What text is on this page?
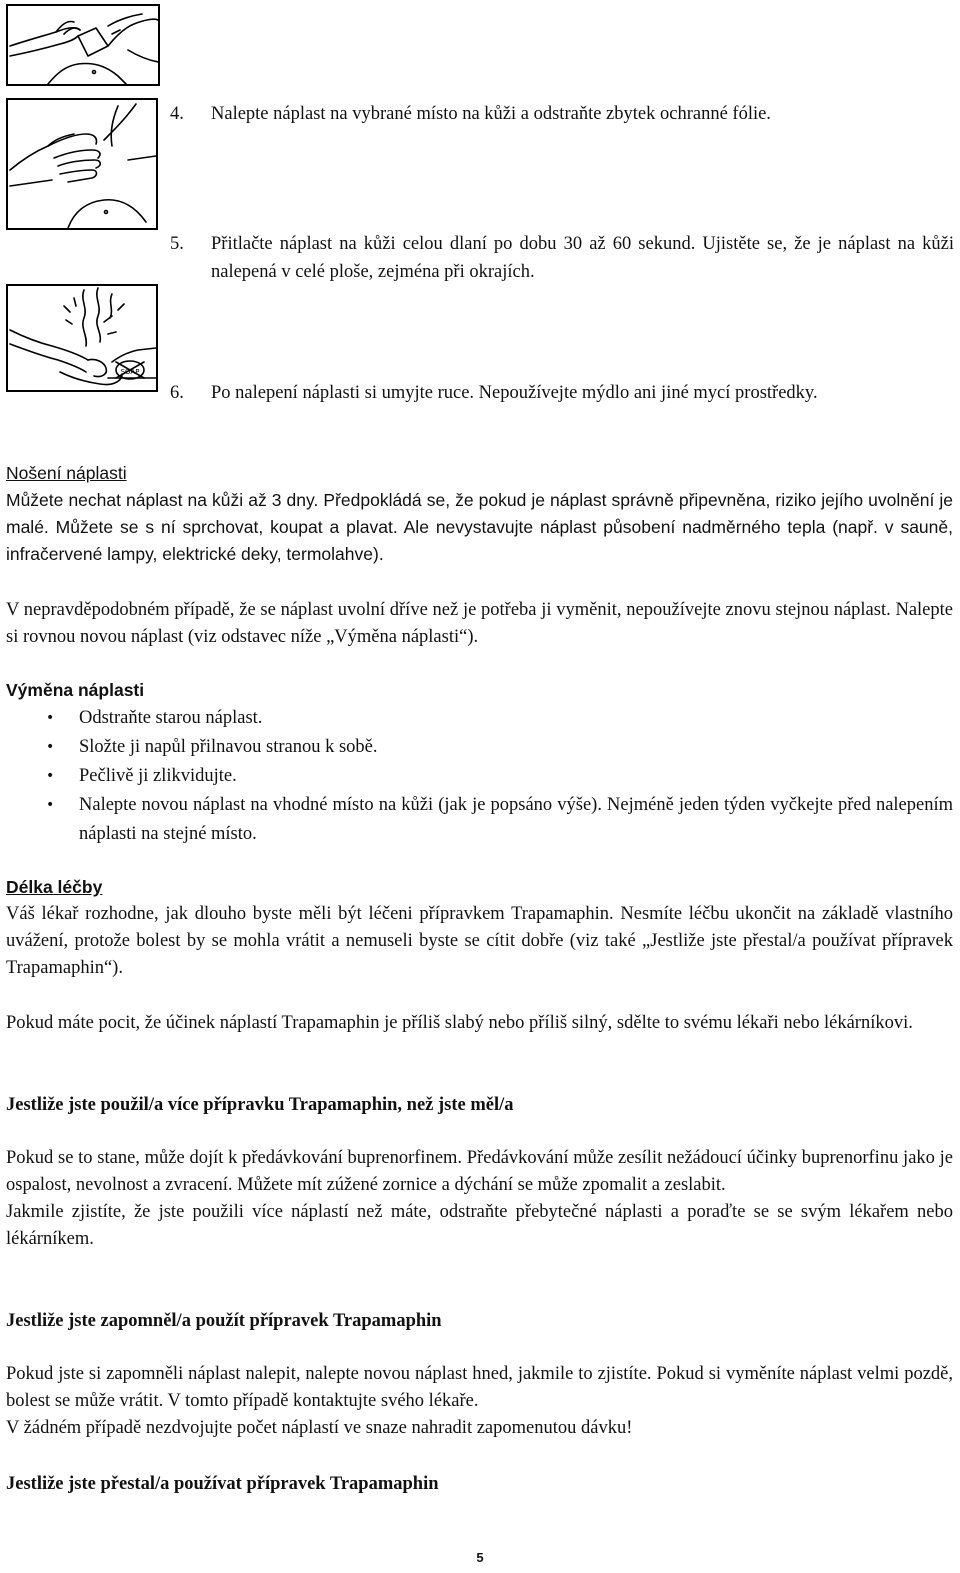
SOAP
4. Nalepte náplast na vybrané místo na kůži a odstraňte zbytek ochranné fólie.
5. Přitlačte náplast na kůži celou dlaní po dobu 30 až 60 sekund. Ujistěte se, že je náplast na kůži nalepená v celé ploše, zejména při okrajích.
6. Po nalepení náplasti si umyjte ruce. Nepoužívejte mýdlo ani jiné mycí prostředky.

Nošení náplasti

Můžete nechat náplast na kůži až 3 dny. Předpokládá se, že pokud je náplast správně připevněna, riziko jejího uvolnění je malé. Můžete se s ní sprchovat, koupat a plavat. Ale nevystavujte náplast působení nadměrného tepla (např. v sauně, infračervené lampy, elektrické deky, termolahve).

V nepravděpodobném případě, že se náplast uvolní dříve než je potřeba ji vyměnit, nepoužívejte znovu stejnou náplast. Nalepte si rovnou novou náplast (viz odstavec níže „Výměna náplasti“).

Výměna náplasti

• Odstraňte starou náplast.
• Složte ji napůl přilnavou stranou k sobě.
• Pečlivě ji zlikvidujte.
• Nalepte novou náplast na vhodné místo na kůži (jak je popsáno výše). Nejméně jeden týden vyčkejte před nalepením náplasti na stejné místo.

Délka léčby

Váš lékař rozhodne, jak dlouho byste měli být léčeni přípravkem Trapamaphin. Nesmíte léčbu ukončit na základě vlastního uvážení, protože bolest by se mohla vrátit a nemuseli byste se cítit dobře (viz také „Jestliže jste přestal/a používat přípravek Trapamaphin“).

Pokud máte pocit, že účinek náplastí Trapamaphin je příliš slabý nebo příliš silný, sdělte to svému lékaři nebo lékárníkovi.

Jestliže jste použil/a více přípravku Trapamaphin, než jste měl/a

Pokud se to stane, může dojít k předávkování buprenorfinem. Předávkování může zesílit nežádoucí účinky buprenorfinu jako je ospalost, nevolnost a zvracení. Můžete mít zúžené zornice a dýchání se může zpomalit a zeslabit.

Jakmile zjistíte, že jste použili více náplastí než máte, odstraňte přebytečné náplasti a poraďte se se svým lékařem nebo lékárníkem.

Jestliže jste zapomněl/a použít přípravek Trapamaphin

Pokud jste si zapomněli náplast nalepit, nalepte novou náplast hned, jakmile to zjistíte. Pokud si vyměníte náplast velmi pozdě, bolest se může vrátit. V tomto případě kontaktujte svého lékaře.

V žádném případě nezdvojujte počet náplastí ve snaze nahradit zapomenutou dávku!

Jestliže jste přestal/a používat přípravek Trapamaphin
5
